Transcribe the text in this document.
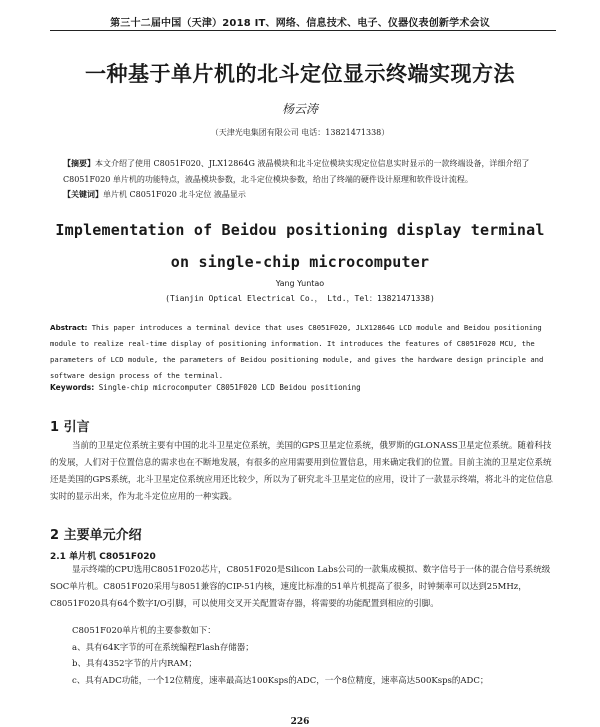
第三十二届中国（天津）2018 IT、网络、信息技术、电子、仪器仪表创新学术会议
一种基于单片机的北斗定位显示终端实现方法
杨云涛
（天津光电集团有限公司 电话：13821471338）
【摘要】本文介绍了使用 C8051F020、JLX12864G 液晶模块和北斗定位模块实现定位信息实时显示的一款终端设备，详细介绍了 C8051F020 单片机的功能特点，液晶模块参数，北斗定位模块参数，给出了终端的硬件设计原理和软件设计流程。
【关键词】单片机 C8051F020 北斗定位 液晶显示
Implementation of Beidou positioning display terminal
on single-chip microcomputer
Yang Yuntao
(Tianjin Optical Electrical Co.， Ltd.，Tel：13821471338)
Abstract: This paper introduces a terminal device that uses C8051F020, JLX12864G LCD module and Beidou positioning module to realize real-time display of positioning information. It introduces the features of C8051F020 MCU, the parameters of LCD module, the parameters of Beidou positioning module, and gives the hardware design principle and software design process of the terminal.
Keywords: Single-chip microcomputer C8051F020 LCD Beidou positioning
1 引言
当前的卫星定位系统主要有中国的北斗卫星定位系统，美国的GPS卫星定位系统，俄罗斯的GLONASS卫星定位系统。随着科技的发展，人们对于位置信息的需求也在不断地发展，有很多的应用需要用到位置信息，用来确定我们的位置。目前主流的卫星定位系统还是美国的GPS系统，北斗卫星定位系统应用还比较少，所以为了研究北斗卫星定位的应用，设计了一款显示终端，将北斗的定位信息实时的显示出来，作为北斗定位应用的一种实践。
2 主要单元介绍
2.1 单片机 C8051F020
显示终端的CPU选用C8051F020芯片，C8051F020是Silicon Labs公司的一款集成模拟、数字信号于一体的混合信号系统级SOC单片机。C8051F020采用与8051兼容的CIP-51内核，速度比标准的51单片机提高了很多，时钟频率可以达到25MHz，C8051F020具有64个数字I/O引脚，可以使用交叉开关配置寄存器，将需要的功能配置到相应的引脚。
C8051F020单片机的主要参数如下：
a、具有64K字节的可在系统编程Flash存储器；
b、具有4352字节的片内RAM；
c、具有ADC功能，一个12位精度，速率最高达100Ksps的ADC，一个8位精度，速率高达500Ksps的ADC；
226
